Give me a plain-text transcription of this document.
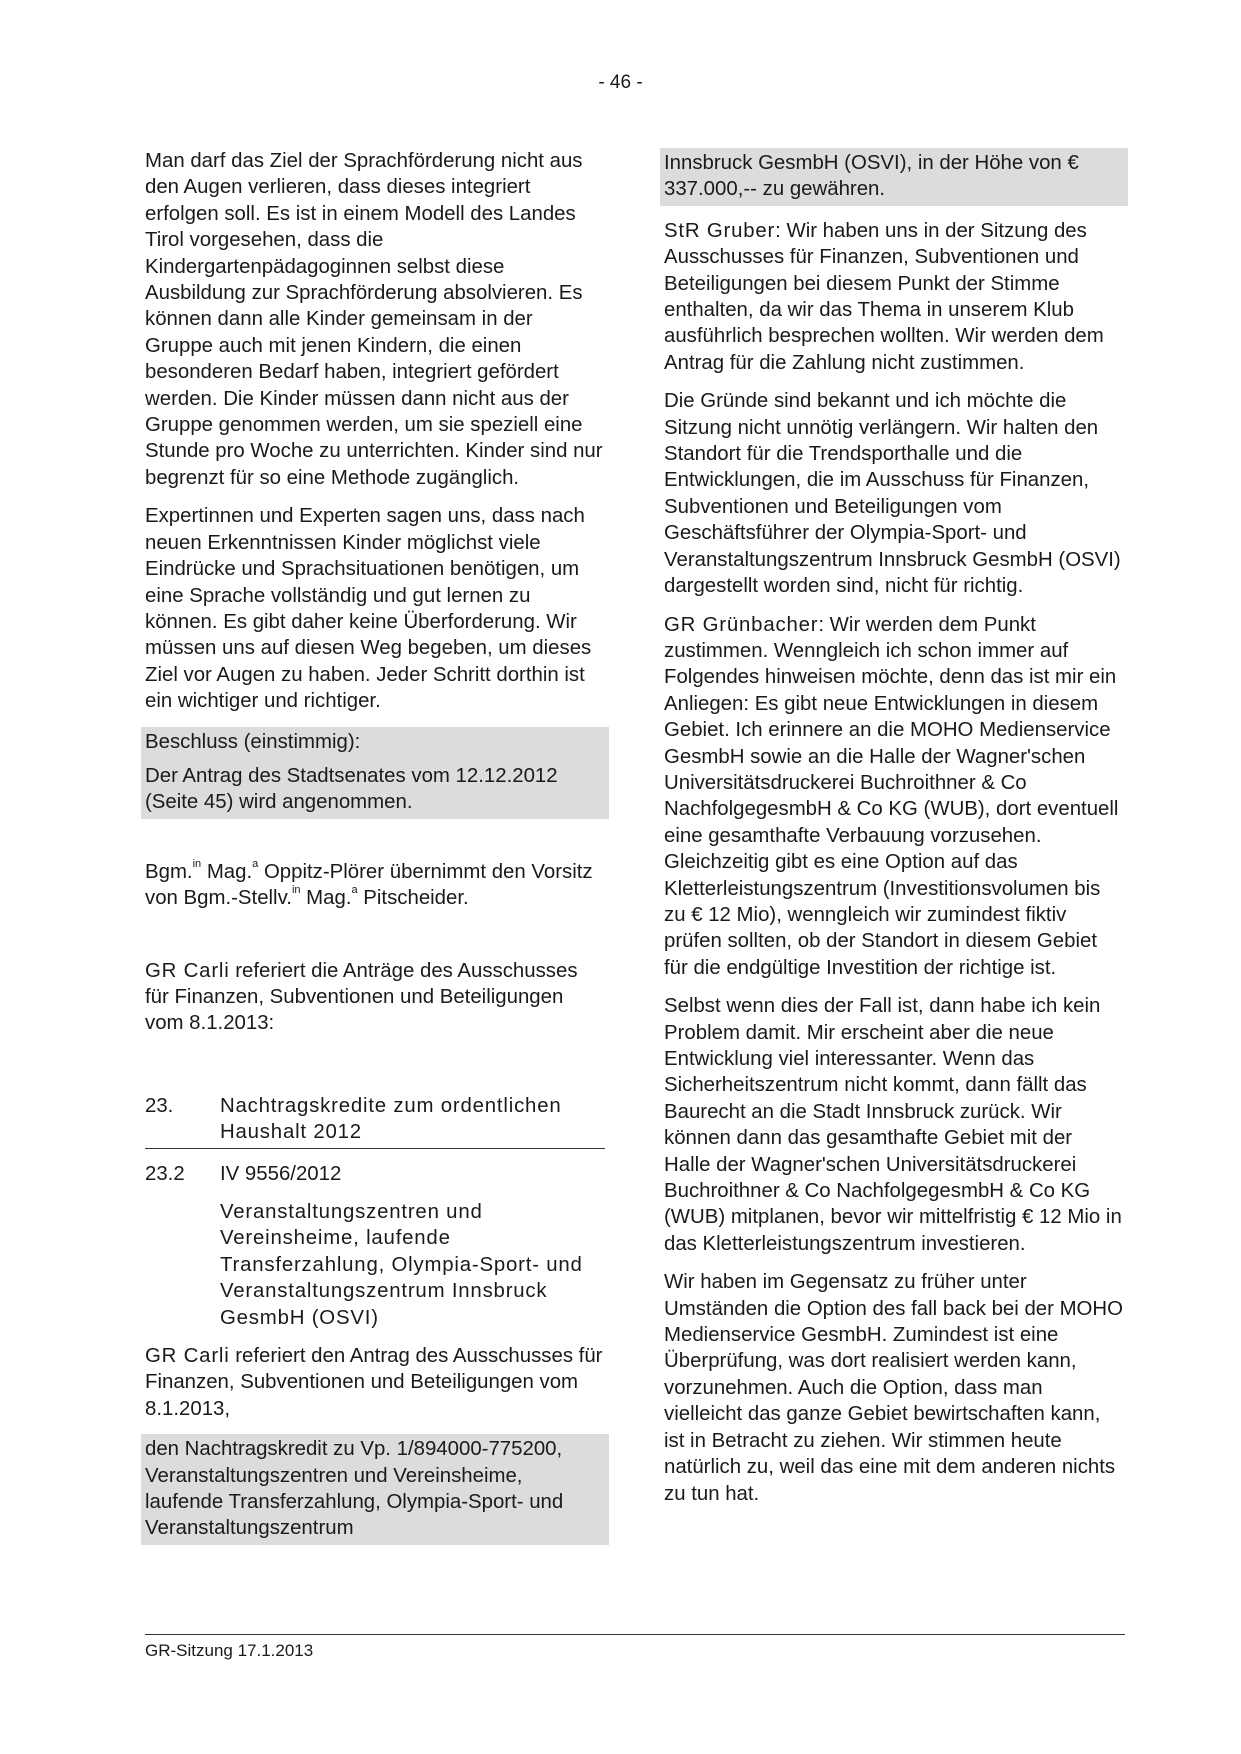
- 46 -

Man darf das Ziel der Sprachförderung nicht aus den Augen verlieren, dass dieses integriert erfolgen soll. Es ist in einem Modell des Landes Tirol vorgesehen, dass die Kindergartenpädagoginnen selbst diese Ausbildung zur Sprachförderung absolvieren. Es können dann alle Kinder gemeinsam in der Gruppe auch mit jenen Kindern, die einen besonderen Bedarf haben, integriert gefördert werden. Die Kinder müssen dann nicht aus der Gruppe genommen werden, um sie speziell eine Stunde pro Woche zu unterrichten. Kinder sind nur begrenzt für so eine Methode zugänglich.

Expertinnen und Experten sagen uns, dass nach neuen Erkenntnissen Kinder möglichst viele Eindrücke und Sprachsituationen benötigen, um eine Sprache vollständig und gut lernen zu können. Es gibt daher keine Überforderung. Wir müssen uns auf diesen Weg begeben, um dieses Ziel vor Augen zu haben. Jeder Schritt dorthin ist ein wichtiger und richtiger.

Beschluss (einstimmig):

Der Antrag des Stadtsenates vom 12.12.2012 (Seite 45) wird angenommen.

Bgm.$^{in}$ Mag.$^a$ Oppitz-Plörer übernimmt den Vorsitz von Bgm.-Stellv.$^{in}$ Mag.$^a$ Pitscheider.

GR Carli referiert die Anträge des Ausschusses für Finanzen, Subventionen und Beteiligungen vom 8.1.2013:

23.	Nachtragskredite zum ordentlichen Haushalt 2012
23.2	IV 9556/2012
Veranstaltungszentren und Vereinsheime, laufende Transferzahlung, Olympia-Sport- und Veranstaltungszentrum Innsbruck GesmbH (OSVI)

GR Carli referiert den Antrag des Ausschusses für Finanzen, Subventionen und Beteiligungen vom 8.1.2013,

den Nachtragskredit zu Vp. 1/894000-775200, Veranstaltungszentren und Vereinsheime, laufende Transferzahlung, Olympia-Sport- und Veranstaltungszentrum

Innsbruck GesmbH (OSVI), in der Höhe von € 337.000,-- zu gewähren.

StR Gruber: Wir haben uns in der Sitzung des Ausschusses für Finanzen, Subventionen und Beteiligungen bei diesem Punkt der Stimme enthalten, da wir das Thema in unserem Klub ausführlich besprechen wollten. Wir werden dem Antrag für die Zahlung nicht zustimmen.

Die Gründe sind bekannt und ich möchte die Sitzung nicht unnötig verlängern. Wir halten den Standort für die Trendsporthalle und die Entwicklungen, die im Ausschuss für Finanzen, Subventionen und Beteiligungen vom Geschäftsführer der Olympia-Sport- und Veranstaltungszentrum Innsbruck GesmbH (OSVI) dargestellt worden sind, nicht für richtig.

GR Grünbacher: Wir werden dem Punkt zustimmen. Wenngleich ich schon immer auf Folgendes hinweisen möchte, denn das ist mir ein Anliegen: Es gibt neue Entwicklungen in diesem Gebiet. Ich erinnere an die MOHO Medienservice GesmbH sowie an die Halle der Wagner'schen Universitätsdruckerei Buchroithner & Co NachfolgegesmbH & Co KG (WUB), dort eventuell eine gesamthafte Verbauung vorzusehen. Gleichzeitig gibt es eine Option auf das Kletterleistungszentrum (Investitionsvolumen bis zu € 12 Mio), wenngleich wir zumindest fiktiv prüfen sollten, ob der Standort in diesem Gebiet für die endgültige Investition der richtige ist.

Selbst wenn dies der Fall ist, dann habe ich kein Problem damit. Mir erscheint aber die neue Entwicklung viel interessanter. Wenn das Sicherheitszentrum nicht kommt, dann fällt das Baurecht an die Stadt Innsbruck zurück. Wir können dann das gesamthafte Gebiet mit der Halle der Wagner'schen Universitätsdruckerei Buchroithner & Co NachfolgegesmbH & Co KG (WUB) mitplanen, bevor wir mittelfristig € 12 Mio in das Kletterleistungszentrum investieren.

Wir haben im Gegensatz zu früher unter Umständen die Option des fall back bei der MOHO Medienservice GesmbH. Zumindest ist eine Überprüfung, was dort realisiert werden kann, vorzunehmen. Auch die Option, dass man vielleicht das ganze Gebiet bewirtschaften kann, ist in Betracht zu ziehen. Wir stimmen heute natürlich zu, weil das eine mit dem anderen nichts zu tun hat.

GR-Sitzung 17.1.2013
